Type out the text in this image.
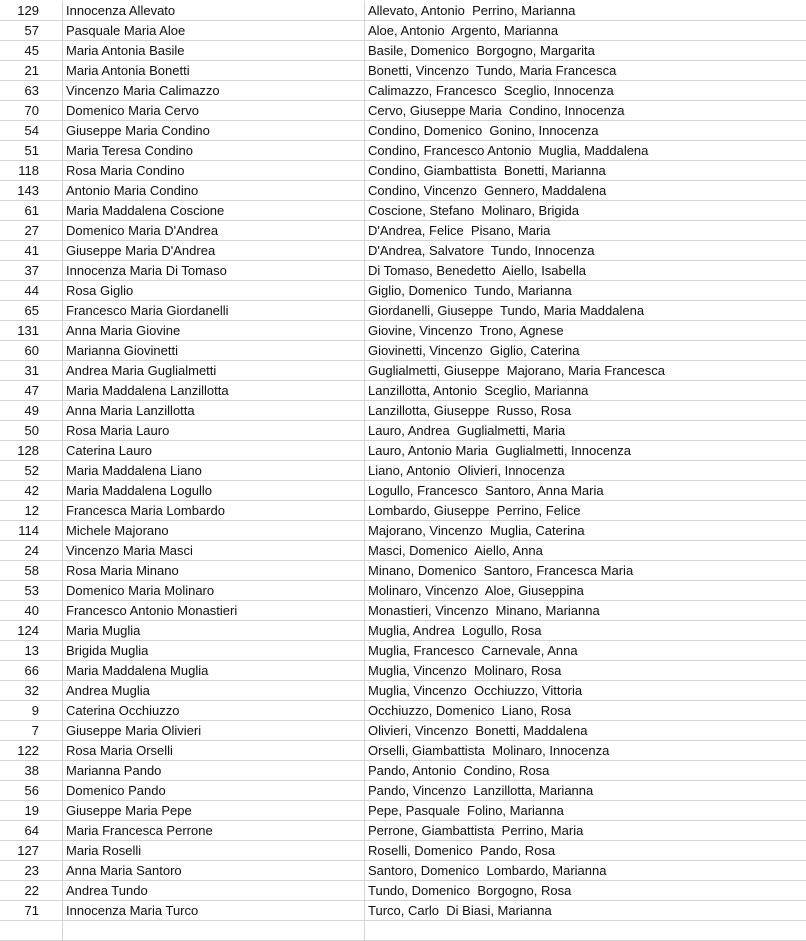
129	Innocenza Allevato	Allevato, Antonio  Perrino, Marianna
57	Pasquale Maria Aloe	Aloe, Antonio  Argento, Marianna
45	Maria Antonia Basile	Basile, Domenico  Borgogno, Margarita
21	Maria Antonia Bonetti	Bonetti, Vincenzo  Tundo, Maria Francesca
63	Vincenzo Maria Calimazzo	Calimazzo, Francesco  Sceglio, Innocenza
70	Domenico Maria Cervo	Cervo, Giuseppe Maria  Condino, Innocenza
54	Giuseppe Maria Condino	Condino, Domenico  Gonino, Innocenza
51	Maria Teresa Condino	Condino, Francesco Antonio  Muglia, Maddalena
118	Rosa Maria Condino	Condino, Giambattista  Bonetti, Marianna
143	Antonio Maria Condino	Condino, Vincenzo  Gennero, Maddalena
61	Maria Maddalena Coscione	Coscione, Stefano  Molinaro, Brigida
27	Domenico Maria D'Andrea	D'Andrea, Felice  Pisano, Maria
41	Giuseppe Maria D'Andrea	D'Andrea, Salvatore  Tundo, Innocenza
37	Innocenza Maria Di Tomaso	Di Tomaso, Benedetto  Aiello, Isabella
44	Rosa Giglio	Giglio, Domenico  Tundo, Marianna
65	Francesco Maria Giordanelli	Giordanelli, Giuseppe  Tundo, Maria Maddalena
131	Anna Maria Giovine	Giovine, Vincenzo  Trono, Agnese
60	Marianna Giovinetti	Giovinetti, Vincenzo  Giglio, Caterina
31	Andrea Maria Guglialmetti	Guglialmetti, Giuseppe  Majorano, Maria Francesca
47	Maria Maddalena Lanzillotta	Lanzillotta, Antonio  Sceglio, Marianna
49	Anna Maria Lanzillotta	Lanzillotta, Giuseppe  Russo, Rosa
50	Rosa Maria Lauro	Lauro, Andrea  Guglialmetti, Maria
128	Caterina Lauro	Lauro, Antonio Maria  Guglialmetti, Innocenza
52	Maria Maddalena Liano	Liano, Antonio  Olivieri, Innocenza
42	Maria Maddalena Logullo	Logullo, Francesco  Santoro, Anna Maria
12	Francesca Maria Lombardo	Lombardo, Giuseppe  Perrino, Felice
114	Michele Majorano	Majorano, Vincenzo  Muglia, Caterina
24	Vincenzo Maria Masci	Masci, Domenico  Aiello, Anna
58	Rosa Maria Minano	Minano, Domenico  Santoro, Francesca Maria
53	Domenico Maria Molinaro	Molinaro, Vincenzo  Aloe, Giuseppina
40	Francesco Antonio Monastieri	Monastieri, Vincenzo  Minano, Marianna
124	Maria Muglia	Muglia, Andrea  Logullo, Rosa
13	Brigida Muglia	Muglia, Francesco  Carnevale, Anna
66	Maria Maddalena Muglia	Muglia, Vincenzo  Molinaro, Rosa
32	Andrea Muglia	Muglia, Vincenzo  Occhiuzzo, Vittoria
9	Caterina Occhiuzzo	Occhiuzzo, Domenico  Liano, Rosa
7	Giuseppe Maria Olivieri	Olivieri, Vincenzo  Bonetti, Maddalena
122	Rosa Maria Orselli	Orselli, Giambattista  Molinaro, Innocenza
38	Marianna Pando	Pando, Antonio  Condino, Rosa
56	Domenico Pando	Pando, Vincenzo  Lanzillotta, Marianna
19	Giuseppe Maria Pepe	Pepe, Pasquale  Folino, Marianna
64	Maria Francesca Perrone	Perrone, Giambattista  Perrino, Maria
127	Maria Roselli	Roselli, Domenico  Pando, Rosa
23	Anna Maria Santoro	Santoro, Domenico  Lombardo, Marianna
22	Andrea Tundo	Tundo, Domenico  Borgogno, Rosa
71	Innocenza Maria Turco	Turco, Carlo  Di Biasi, Marianna
